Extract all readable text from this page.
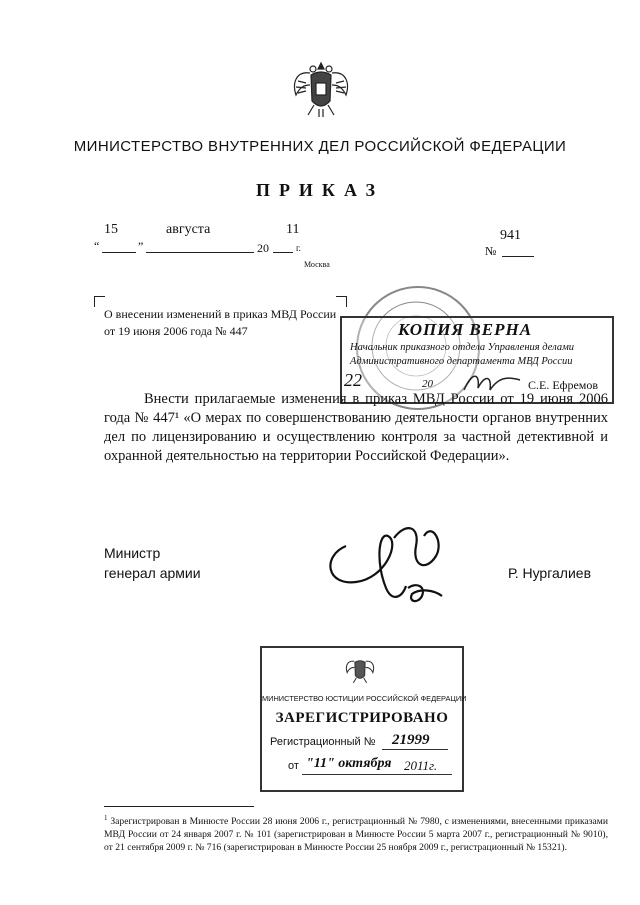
МИНИСТЕРСТВО ВНУТРЕННИХ ДЕЛ РОССИЙСКОЙ ФЕДЕРАЦИИ
ПРИКАЗ
15	августа	11	941
“	”	20	г.	№
Москва
О внесении изменений в приказ МВД России от 19 июня 2006 года № 447	КОПИЯ ВЕРНА
Начальник приказного отдела Управления делами
Административного департамента МВД России
22	20	С.Е. Ефремов
Внести прилагаемые изменения в приказ МВД России от 19 июня 2006 года № 447¹ «О мерах по совершенствованию деятельности органов внутренних дел по лицензированию и осуществлению контроля за частной детективной и охранной деятельностью на территории Российской Федерации».
Министр
генерал армии	Р. Нургалиев
МИНИСТЕРСТВО ЮСТИЦИИ РОССИЙСКОЙ ФЕДЕРАЦИИ
ЗАРЕГИСТРИРОВАНО
Регистрационный № 21999
от "11" октября 2011г.
$^1$ Зарегистрирован в Минюсте России 28 июня 2006 г., регистрационный № 7980, с изменениями, внесенными приказами МВД России от 24 января 2007 г. № 101 (зарегистрирован в Минюсте России 5 марта 2007 г., регистрационный № 9010), от 21 сентября 2009 г. № 716 (зарегистрирован в Минюсте России 25 ноября 2009 г., регистрационный № 15321).
